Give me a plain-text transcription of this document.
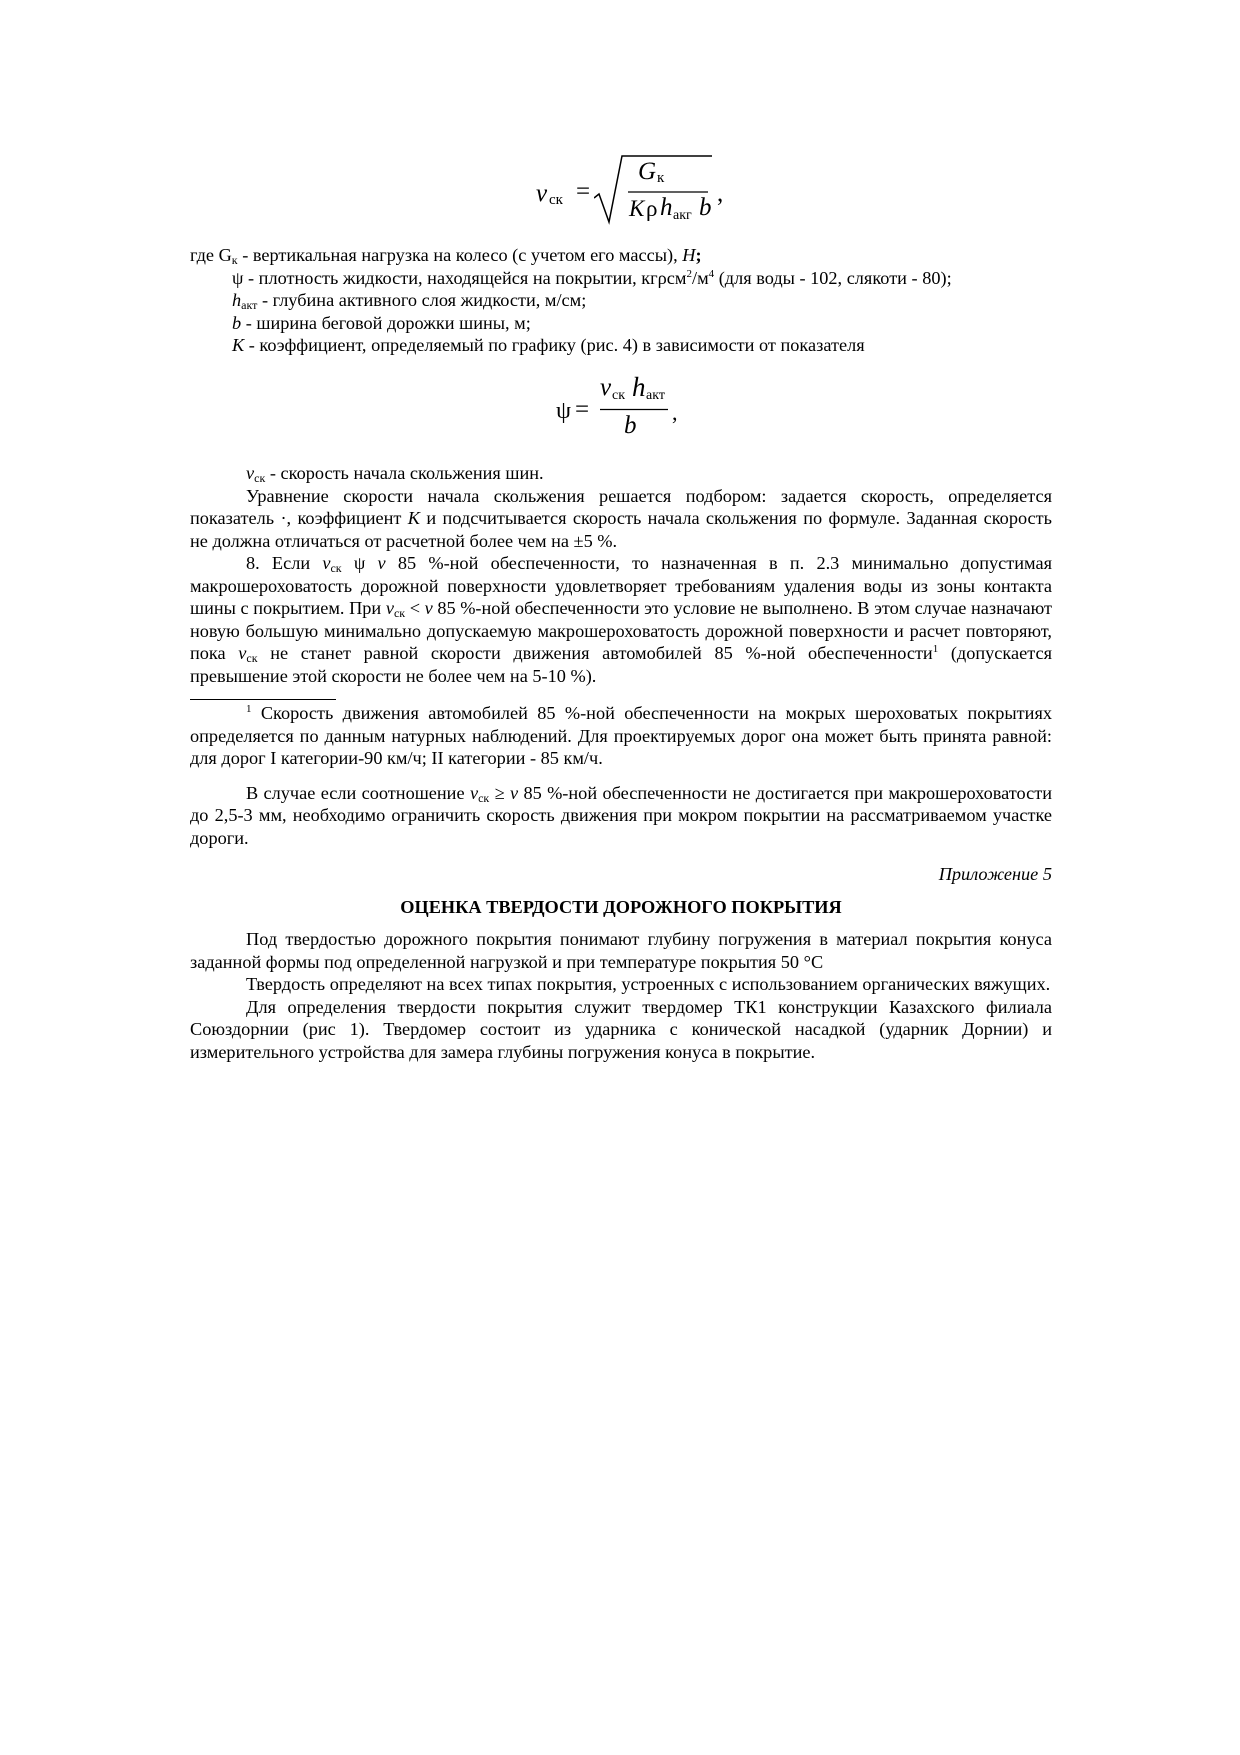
v ск =
G к
K ρ h акг b
,

где Gк - вертикальная нагрузка на колесо (с учетом его массы), Н;

ψ - плотность жидкости, находящейся на покрытии, $кг\rho см^2/м^4$ (для воды - 102, слякоти - 80);

hакт - глубина активного слоя жидкости, м/см;

b - ширина беговой дорожки шины, м;

K - коэффициент, определяемый по графику (рис. 4) в зависимости от показателя

ψ =
v ск h акт
b ,

vск - скорость начала скольжения шин.

Уравнение скорости начала скольжения решается подбором: задается скорость, определяется показатель ·, коэффициент K и подсчитывается скорость начала скольжения по формуле. Заданная скорость не должна отличаться от расчетной более чем на ±5 %.

8. Если vск ψ v 85 %-ной обеспеченности, то назначенная в п. 2.3 минимально допустимая макрошероховатость дорожной поверхности удовлетворяет требованиям удаления воды из зоны контакта шины с покрытием. При vск < v 85 %-ной обеспеченности это условие не выполнено. В этом случае назначают новую большую минимально допускаемую макрошероховатость дорожной поверхности и расчет повторяют, пока vск не станет равной скорости движения автомобилей 85 %-ной обеспеченности$^1$ (допускается превышение этой скорости не более чем на 5-10 %).

$^1$ Скорость движения автомобилей 85 %-ной обеспеченности на мокрых шероховатых покрытиях определяется по данным натурных наблюдений. Для проектируемых дорог она может быть принята равной: для дорог I категории-90 км/ч; II категории - 85 км/ч.

В случае если соотношение vск ≥ v 85 %-ной обеспеченности не достигается при макрошероховатости до 2,5-3 мм, необходимо ограничить скорость движения при мокром покрытии на рассматриваемом участке дороги.

Приложение 5

ОЦЕНКА ТВЕРДОСТИ ДОРОЖНОГО ПОКРЫТИЯ

Под твердостью дорожного покрытия понимают глубину погружения в материал покрытия конуса заданной формы под определенной нагрузкой и при температуре покрытия 50 °С

Твердость определяют на всех типах покрытия, устроенных с использованием органических вяжущих.

Для определения твердости покрытия служит твердомер ТК1 конструкции Казахского филиала Союздорнии (рис 1). Твердомер состоит из ударника с конической насадкой (ударник Дорнии) и измерительного устройства для замера глубины погружения конуса в покрытие.
